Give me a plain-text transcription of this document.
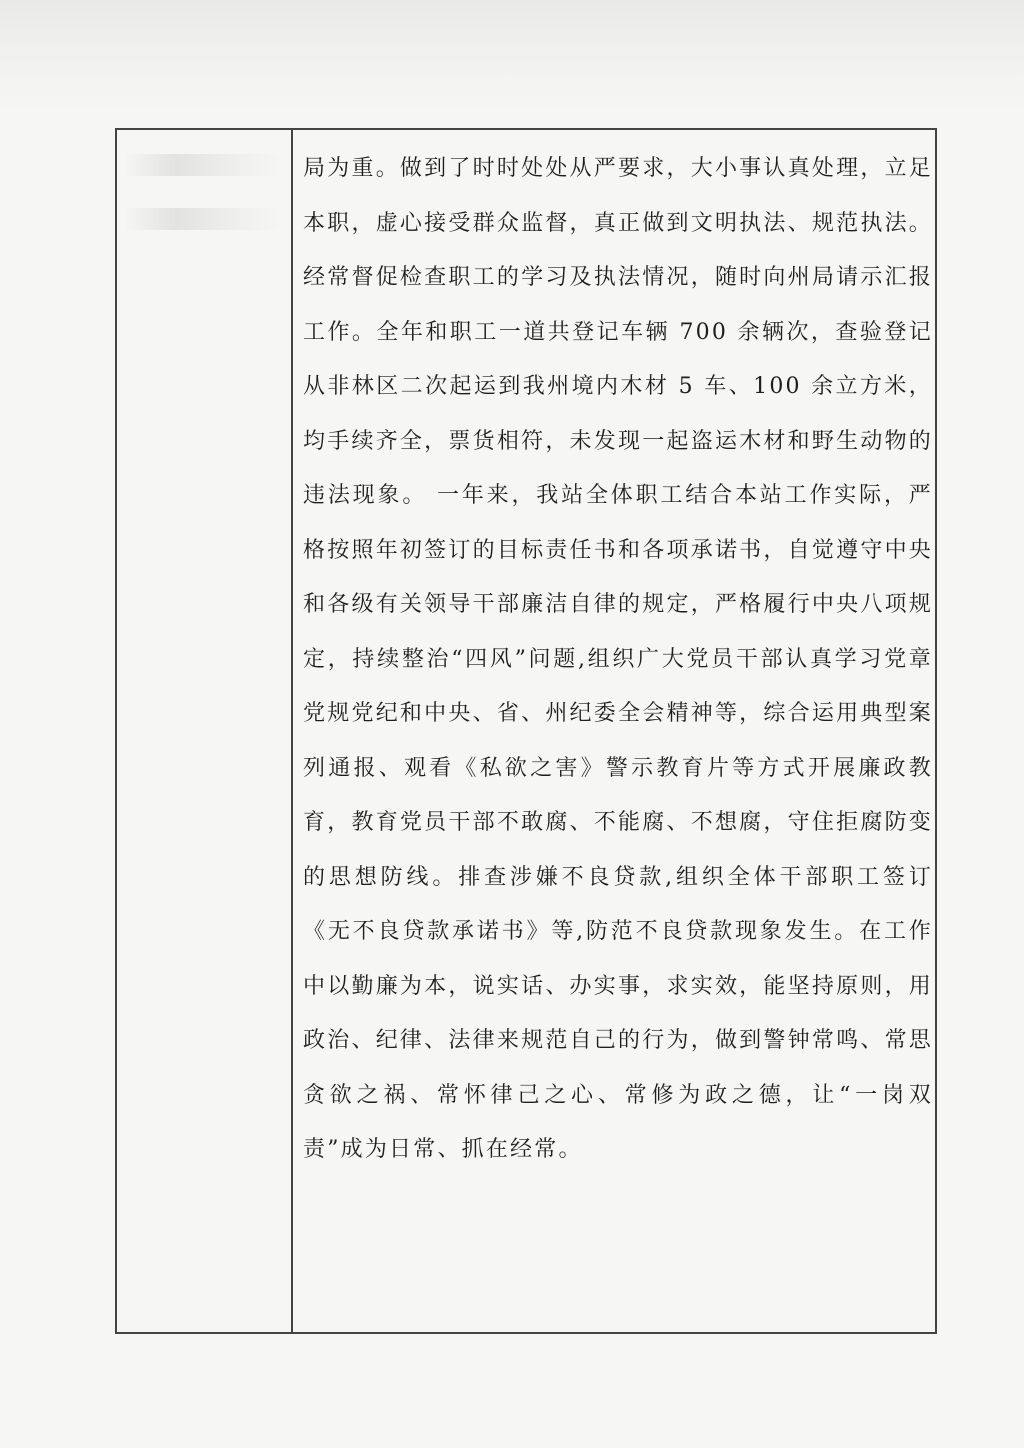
局为重。做到了时时处处从严要求，大小事认真处理，立足本职，虚心接受群众监督，真正做到文明执法、规范执法。经常督促检查职工的学习及执法情况，随时向州局请示汇报工作。全年和职工一道共登记车辆 700 余辆次，查验登记从非林区二次起运到我州境内木材 5 车、100 余立方米，均手续齐全，票货相符，未发现一起盗运木材和野生动物的违法现象。 一年来，我站全体职工结合本站工作实际，严格按照年初签订的目标责任书和各项承诺书，自觉遵守中央和各级有关领导干部廉洁自律的规定，严格履行中央八项规定，持续整治“四风”问题,组织广大党员干部认真学习党章党规党纪和中央、省、州纪委全会精神等，综合运用典型案列通报、观看《私欲之害》警示教育片等方式开展廉政教育，教育党员干部不敢腐、不能腐、不想腐，守住拒腐防变的思想防线。排查涉嫌不良贷款,组织全体干部职工签订《无不良贷款承诺书》等,防范不良贷款现象发生。在工作中以勤廉为本，说实话、办实事，求实效，能坚持原则，用政治、纪律、法律来规范自己的行为，做到警钟常鸣、常思贪欲之祸、常怀律己之心、常修为政之德，让“一岗双责”成为日常、抓在经常。
